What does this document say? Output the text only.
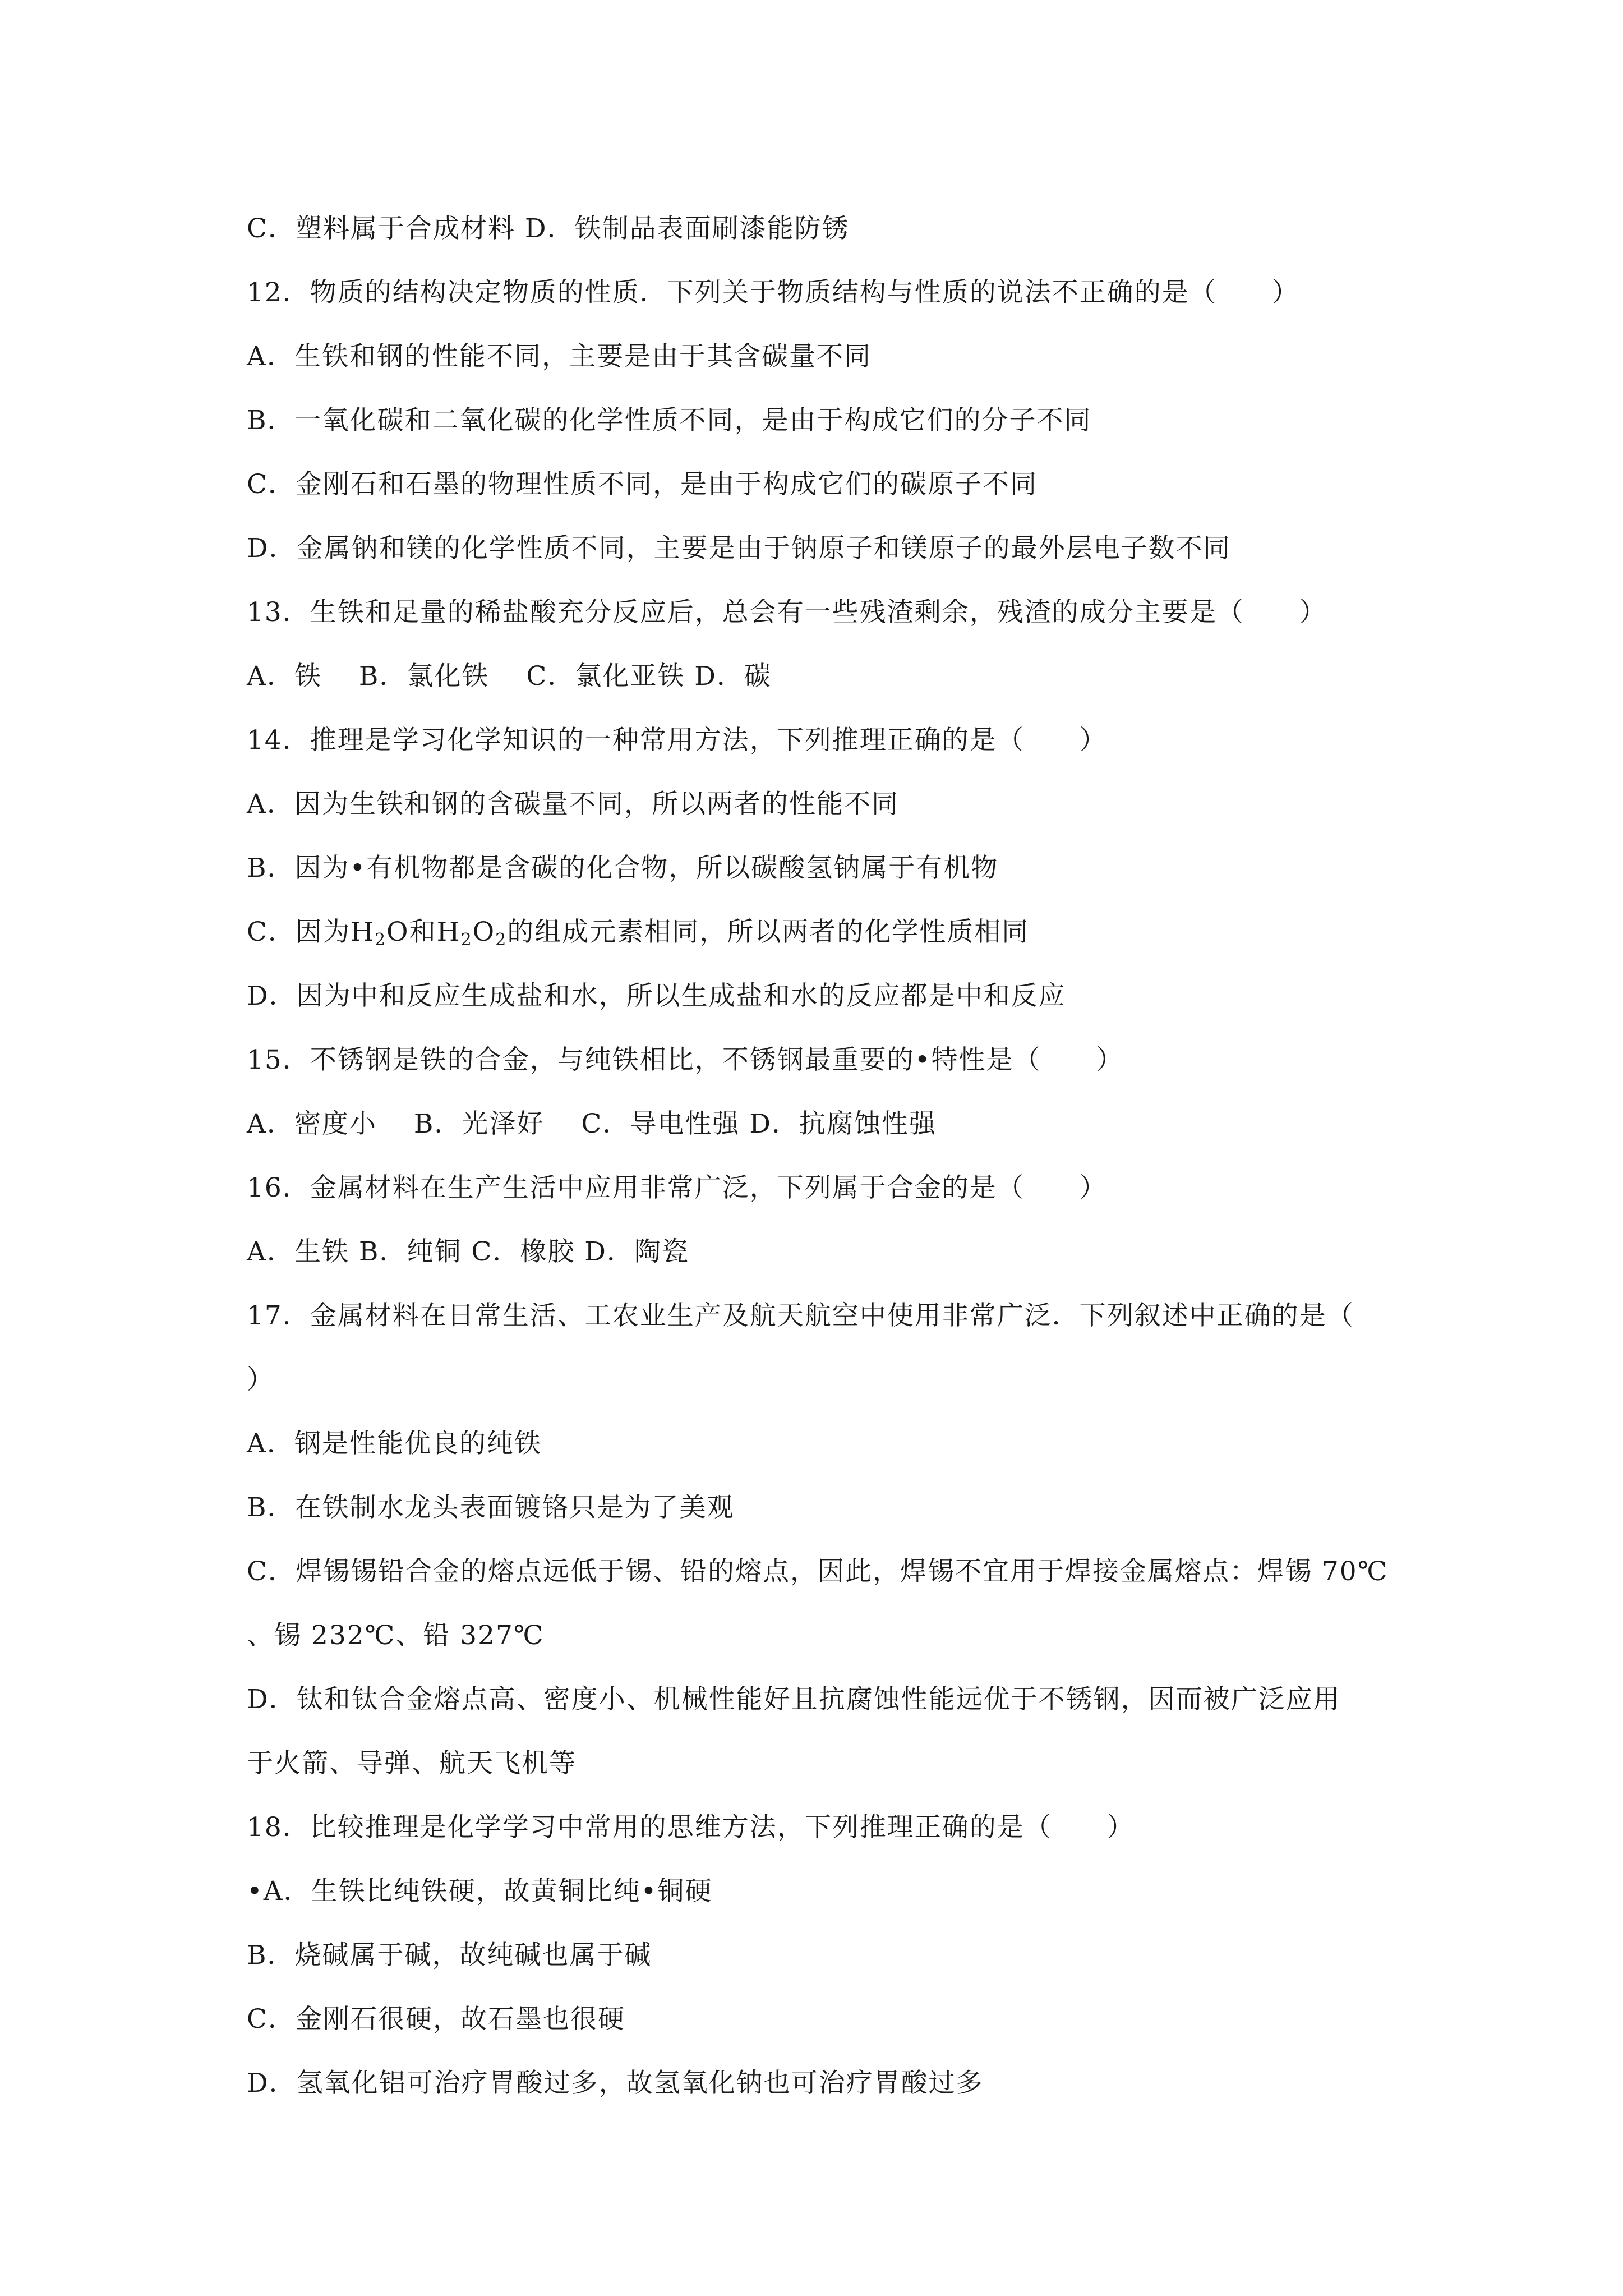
C．塑料属于合成材料 D．铁制品表面刷漆能防锈
12．物质的结构决定物质的性质．下列关于物质结构与性质的说法不正确的是（　　）
A．生铁和钢的性能不同，主要是由于其含碳量不同
B．一氧化碳和二氧化碳的化学性质不同，是由于构成它们的分子不同
C．金刚石和石墨的物理性质不同，是由于构成它们的碳原子不同
D．金属钠和镁的化学性质不同，主要是由于钠原子和镁原子的最外层电子数不同
13．生铁和足量的稀盐酸充分反应后，总会有一些残渣剩余，残渣的成分主要是（　　）
A．铁　 B．氯化铁　 C．氯化亚铁 D．碳
14．推理是学习化学知识的一种常用方法，下列推理正确的是（　　）
A．因为生铁和钢的含碳量不同，所以两者的性能不同
B．因为•有机物都是含碳的化合物，所以碳酸氢钠属于有机物
C．因为$H_2O$和$H_2O_2$的组成元素相同，所以两者的化学性质相同
D．因为中和反应生成盐和水，所以生成盐和水的反应都是中和反应
15．不锈钢是铁的合金，与纯铁相比，不锈钢最重要的•特性是（　　）
A．密度小　 B．光泽好　 C．导电性强 D．抗腐蚀性强
16．金属材料在生产生活中应用非常广泛，下列属于合金的是（　　）
A．生铁 B．纯铜 C．橡胶 D．陶瓷
17．金属材料在日常生活、工农业生产及航天航空中使用非常广泛．下列叙述中正确的是（
）
A．钢是性能优良的纯铁
B．在铁制水龙头表面镀铬只是为了美观
C．焊锡锡铅合金的熔点远低于锡、铅的熔点，因此，焊锡不宜用于焊接金属熔点：焊锡 70℃
、锡 232℃、铅 327℃
D．钛和钛合金熔点高、密度小、机械性能好且抗腐蚀性能远优于不锈钢，因而被广泛应用
于火箭、导弹、航天飞机等
18．比较推理是化学学习中常用的思维方法，下列推理正确的是（　　）
•A．生铁比纯铁硬，故黄铜比纯•铜硬
B．烧碱属于碱，故纯碱也属于碱
C．金刚石很硬，故石墨也很硬
D．氢氧化铝可治疗胃酸过多，故氢氧化钠也可治疗胃酸过多
